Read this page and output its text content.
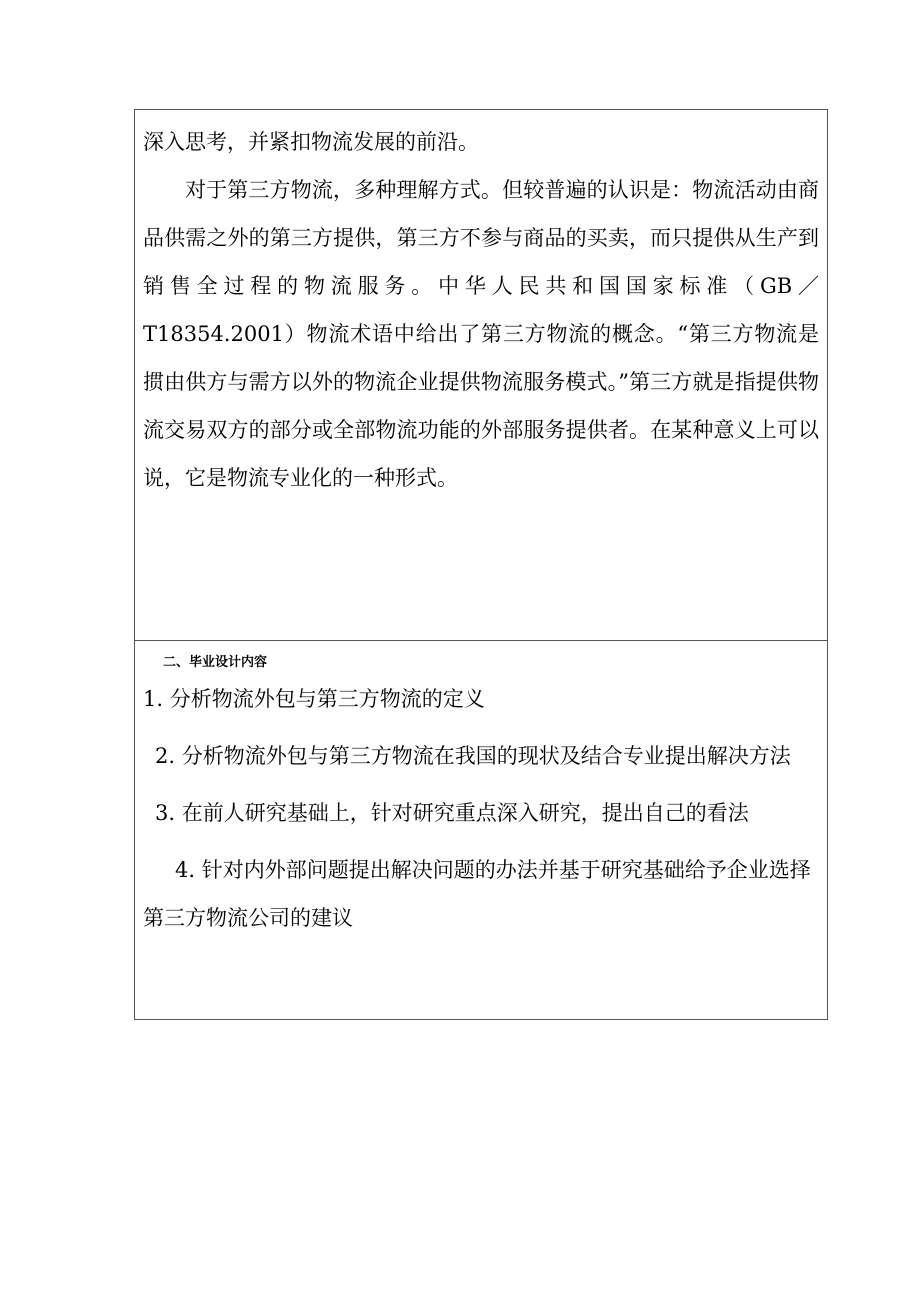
深入思考，并紧扣物流发展的前沿。

对于第三方物流，多种理解方式。但较普遍的认识是：物流活动由商品供需之外的第三方提供，第三方不参与商品的买卖，而只提供从生产到销售全过程的物流服务。中华人民共和国国家标准（GB／T18354.2001）物流术语中给出了第三方物流的概念。“第三方物流是掼由供方与需方以外的物流企业提供物流服务模式。”第三方就是指提供物流交易双方的部分或全部物流功能的外部服务提供者。在某种意义上可以说，它是物流专业化的一种形式。

二、毕业设计内容

1. 分析物流外包与第三方物流的定义

2. 分析物流外包与第三方物流在我国的现状及结合专业提出解决方法

3. 在前人研究基础上，针对研究重点深入研究，提出自己的看法

4. 针对内外部问题提出解决问题的办法并基于研究基础给予企业选择

第三方物流公司的建议
